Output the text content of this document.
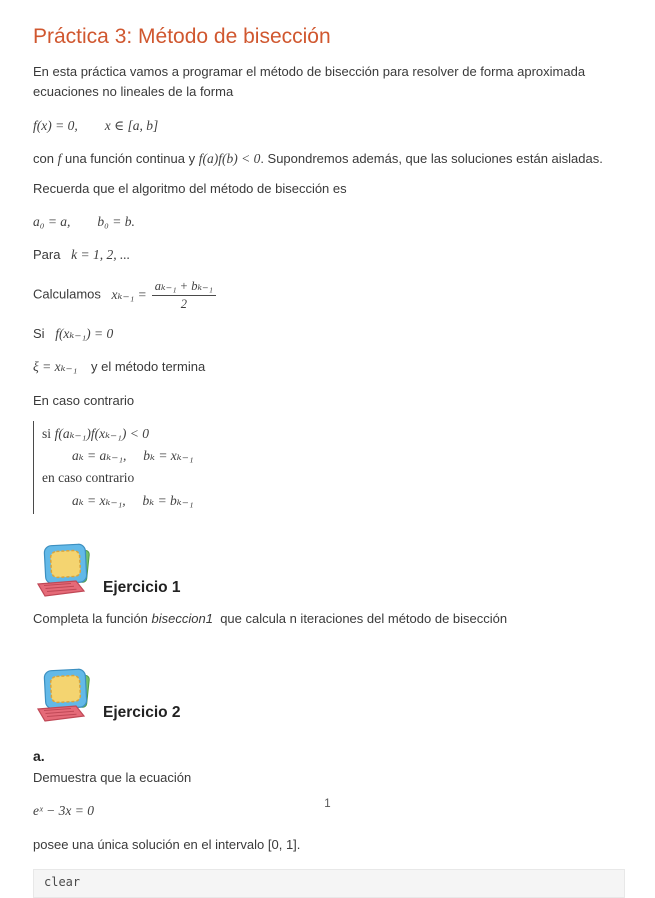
Práctica 3: Método de bisección

En esta práctica vamos a programar el método de bisección para resolver de forma aproximada ecuaciones no lineales de la forma

f(x) = 0,        x ∈ [a, b]

con f una función continua y f(a)f(b) < 0. Supondremos además, que las soluciones están aisladas.

Recuerda que el algoritmo del método de bisección es

a₀ = a,        b₀ = b.
Para k = 1, 2, ...
Calculamos $x_{k-1} = \frac{\text{aₖ₋₁ + bₖ₋₁}}{2}$
Si f(xₖ₋₁) = 0
ξ = xₖ₋₁ y el método termina

En caso contrario

si f(aₖ₋₁)f(xₖ₋₁) < 0
aₖ = aₖ₋₁,     bₖ = xₖ₋₁
en caso contrario
aₖ = xₖ₋₁,     bₖ = bₖ₋₁
Ejercicio 1

Completa la función biseccion1 que calcula n iteraciones del método de bisección

Ejercicio 2
a.

Demuestra que la ecuación

eˣ − 3x = 0

posee una única solución en el intervalo [0, 1].

clear
1
